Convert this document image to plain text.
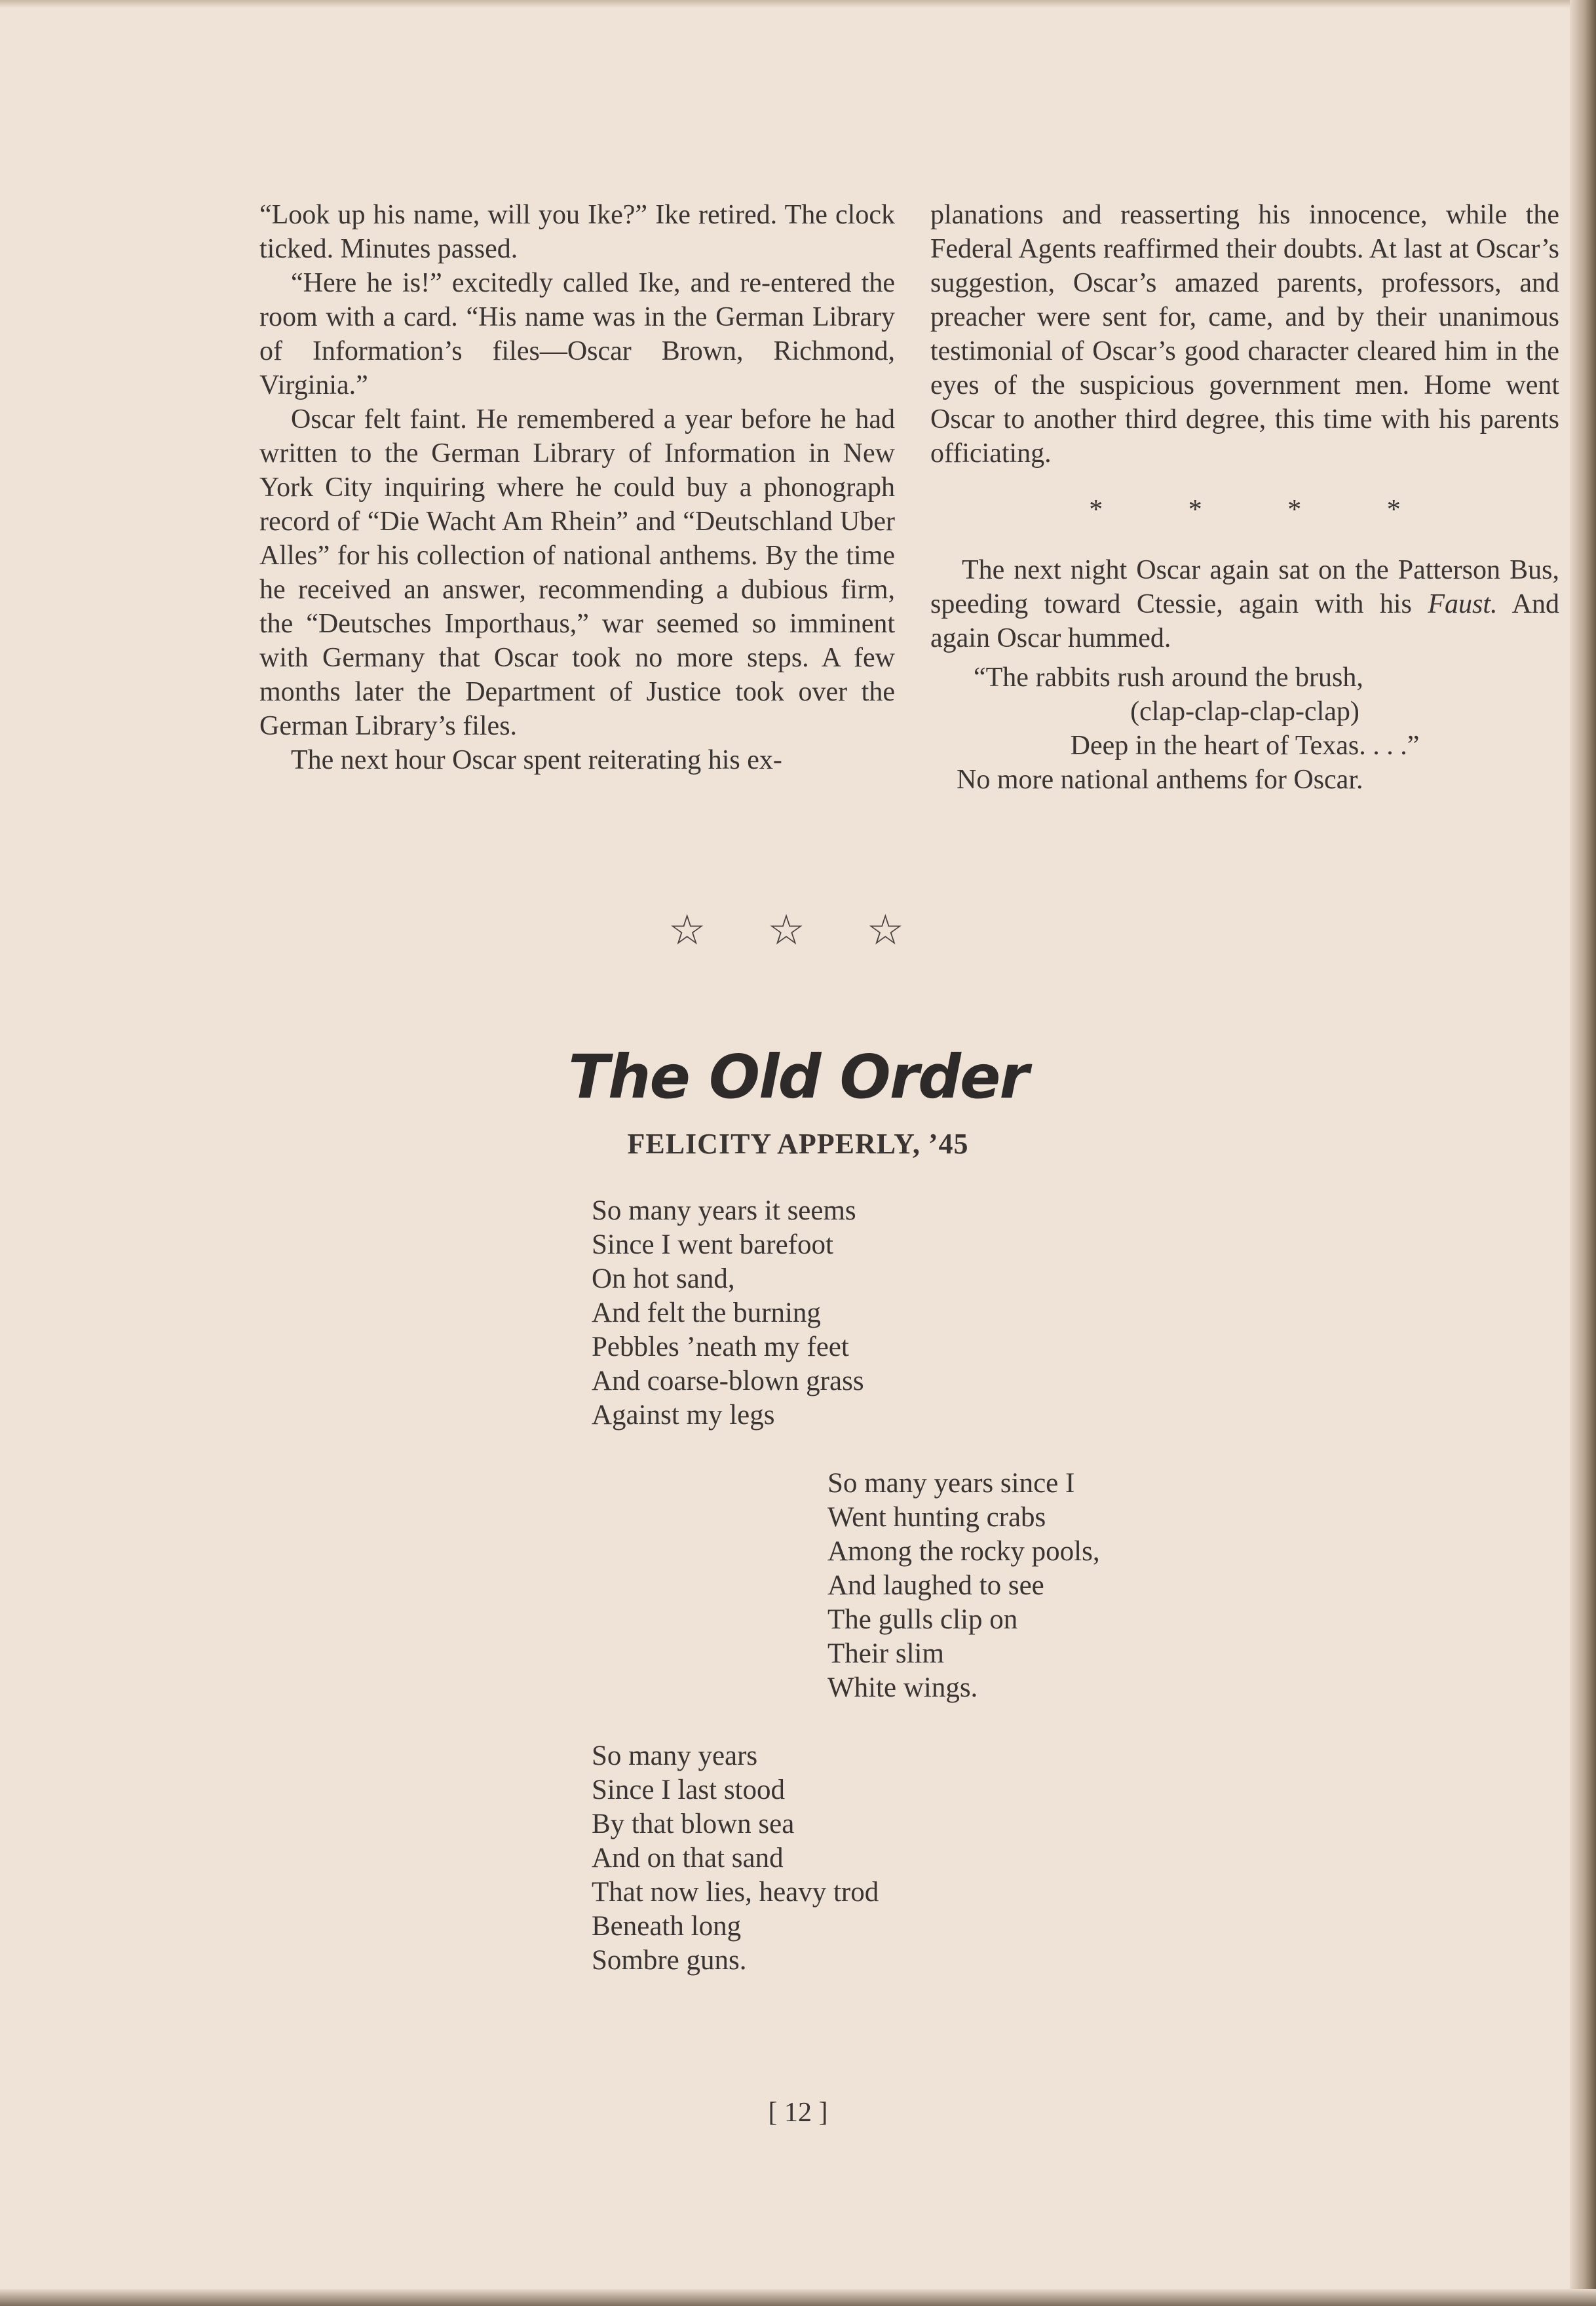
“Look up his name, will you Ike?” Ike retired. The clock ticked. Minutes passed.

“Here he is!” excitedly called Ike, and re-entered the room with a card. “His name was in the German Library of Information’s files—Oscar Brown, Richmond, Virginia.”

Oscar felt faint. He remembered a year before he had written to the German Library of Information in New York City inquiring where he could buy a phonograph record of “Die Wacht Am Rhein” and “Deutschland Uber Alles” for his collection of national anthems. By the time he received an answer, recommending a dubious firm, the “Deutsches Importhaus,” war seemed so imminent with Germany that Oscar took no more steps. A few months later the Department of Justice took over the German Library’s files.

The next hour Oscar spent reiterating his ex-

planations and reasserting his innocence, while the Federal Agents reaffirmed their doubts. At last at Oscar’s suggestion, Oscar’s amazed parents, professors, and preacher were sent for, came, and by their unanimous testimonial of Oscar’s good character cleared him in the eyes of the suspicious government men. Home went Oscar to another third degree, this time with his parents officiating.

* * * *

The next night Oscar again sat on the Patterson Bus, speeding toward Ctessie, again with his Faust. And again Oscar hummed.

“The rabbits rush around the brush,
(clap-clap-clap-clap)
Deep in the heart of Texas. . . .”
No more national anthems for Oscar.
☆ ☆ ☆
The Old Order
FELICITY APPERLY, ’45
So many years it seems
Since I went barefoot
On hot sand,
And felt the burning
Pebbles ’neath my feet
And coarse-blown grass
Against my legs
So many years since I
Went hunting crabs
Among the rocky pools,
And laughed to see
The gulls clip on
Their slim
White wings.
So many years
Since I last stood
By that blown sea
And on that sand
That now lies, heavy trod
Beneath long
Sombre guns.
[ 12 ]
